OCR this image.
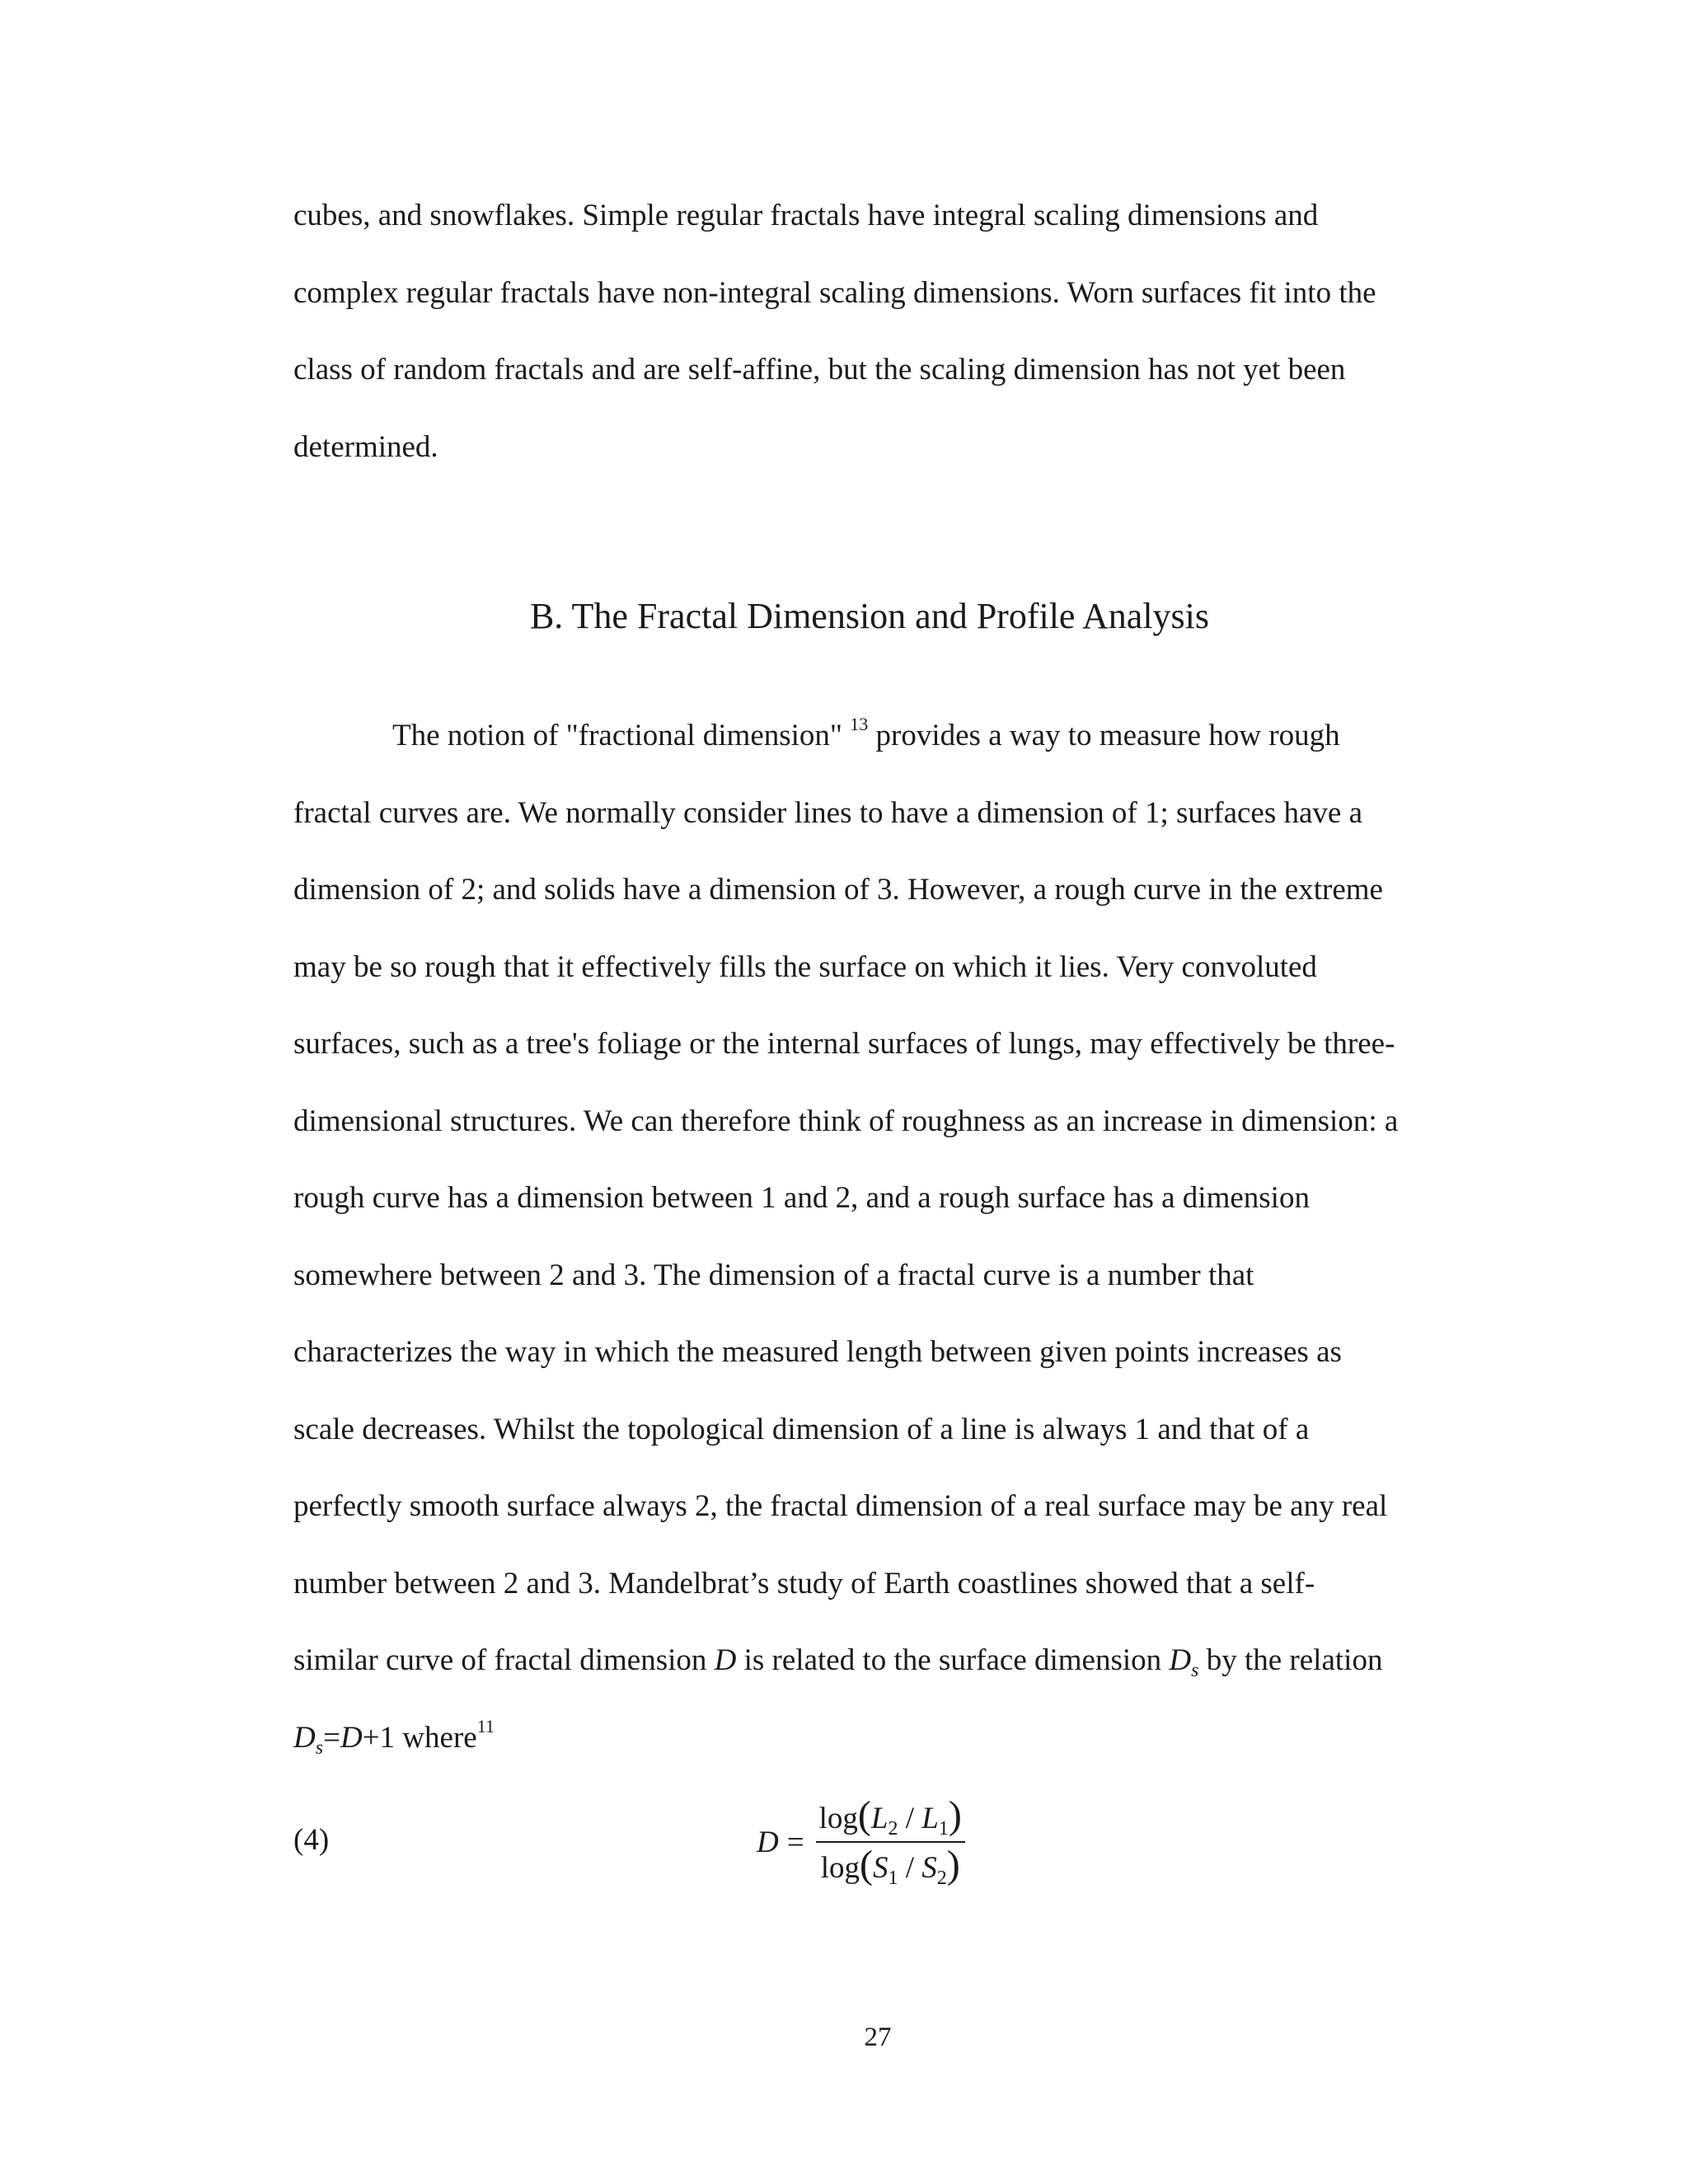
cubes, and snowflakes. Simple regular fractals have integral scaling dimensions and
complex regular fractals have non-integral scaling dimensions. Worn surfaces fit into the
class of random fractals and are self-affine, but the scaling dimension has not yet been
determined.
B. The Fractal Dimension and Profile Analysis
The notion of "fractional dimension" $^{13}$ provides a way to measure how rough
fractal curves are. We normally consider lines to have a dimension of 1; surfaces have a
dimension of 2; and solids have a dimension of 3. However, a rough curve in the extreme
may be so rough that it effectively fills the surface on which it lies. Very convoluted
surfaces, such as a tree's foliage or the internal surfaces of lungs, may effectively be three-
dimensional structures. We can therefore think of roughness as an increase in dimension: a
rough curve has a dimension between 1 and 2, and a rough surface has a dimension
somewhere between 2 and 3. The dimension of a fractal curve is a number that
characterizes the way in which the measured length between given points increases as
scale decreases. Whilst the topological dimension of a line is always 1 and that of a
perfectly smooth surface always 2, the fractal dimension of a real surface may be any real
number between 2 and 3. Mandelbrat’s study of Earth coastlines showed that a self-
similar curve of fractal dimension D is related to the surface dimension $D_s$ by the relation
$D_s=D+1$ where$^{11}$
(4)	$D = \frac{\log(L_2 / L_1)}{\log(S_1 / S_2)}$
27
